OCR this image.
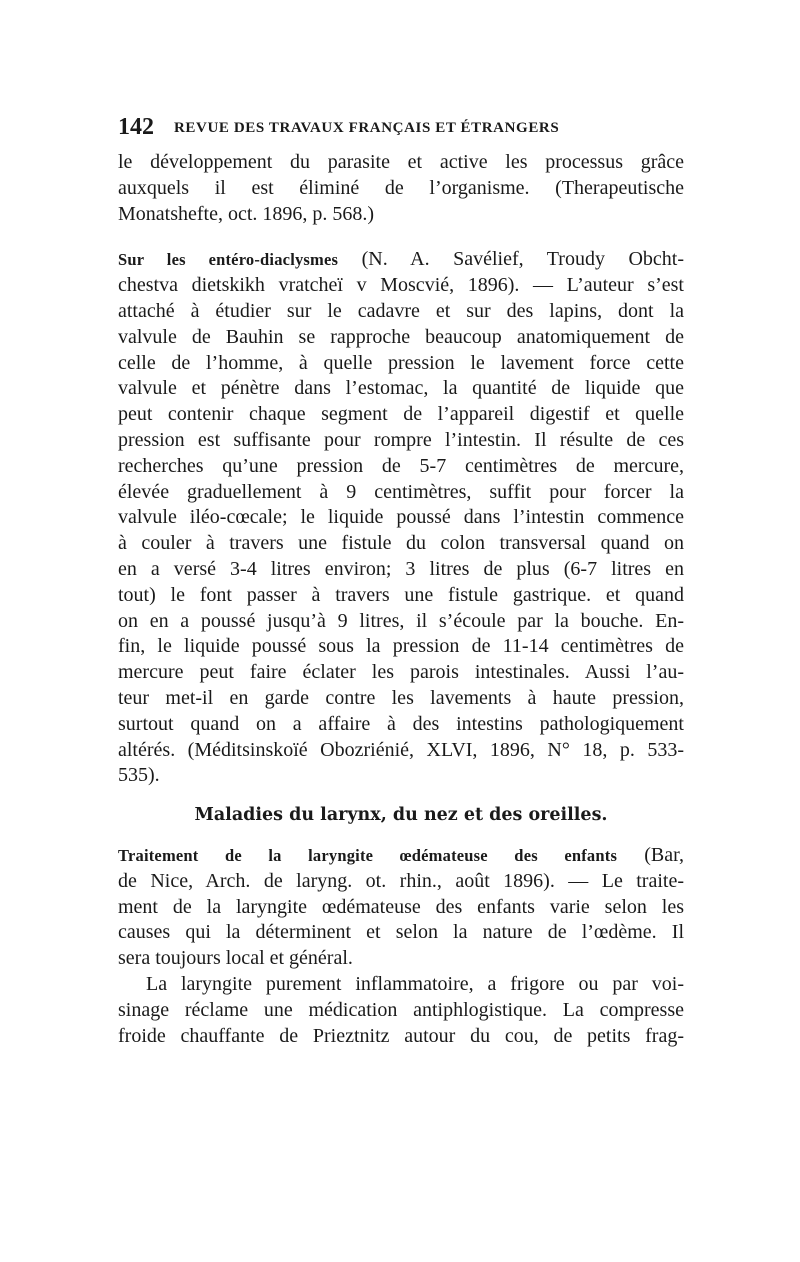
142 REVUE DES TRAVAUX FRANÇAIS ET ÉTRANGERS
le développement du parasite et active les processus grâce
auxquels il est éliminé de l’organisme. (Therapeutische
Monatshefte, oct. 1896, p. 568.)
Sur les entéro-diaclysmes (N. A. Savélief, Troudy Obcht-
chestva dietskikh vratcheï v Moscvié, 1896). — L’auteur s’est
attaché à étudier sur le cadavre et sur des lapins, dont la
valvule de Bauhin se rapproche beaucoup anatomiquement de
celle de l’homme, à quelle pression le lavement force cette
valvule et pénètre dans l’estomac, la quantité de liquide que
peut contenir chaque segment de l’appareil digestif et quelle
pression est suffisante pour rompre l’intestin. Il résulte de ces
recherches qu’une pression de 5-7 centimètres de mercure,
élevée graduellement à 9 centimètres, suffit pour forcer la
valvule iléo-cœcale; le liquide poussé dans l’intestin commence
à couler à travers une fistule du colon transversal quand on
en a versé 3-4 litres environ; 3 litres de plus (6-7 litres en
tout) le font passer à travers une fistule gastrique. et quand
on en a poussé jusqu’à 9 litres, il s’écoule par la bouche. En-
fin, le liquide poussé sous la pression de 11-14 centimètres de
mercure peut faire éclater les parois intestinales. Aussi l’au-
teur met-il en garde contre les lavements à haute pression,
surtout quand on a affaire à des intestins pathologiquement
altérés. (Méditsinskoïé Obozriénié, XLVI, 1896, N° 18, p. 533-
535).
Maladies du larynx, du nez et des oreilles.
Traitement de la laryngite œdémateuse des enfants (Bar,
de Nice, Arch. de laryng. ot. rhin., août 1896). — Le traite-
ment de la laryngite œdémateuse des enfants varie selon les
causes qui la déterminent et selon la nature de l’œdème. Il
sera toujours local et général.
La laryngite purement inflammatoire, a frigore ou par voi-
sinage réclame une médication antiphlogistique. La compresse
froide chauffante de Prieztnitz autour du cou, de petits frag-
